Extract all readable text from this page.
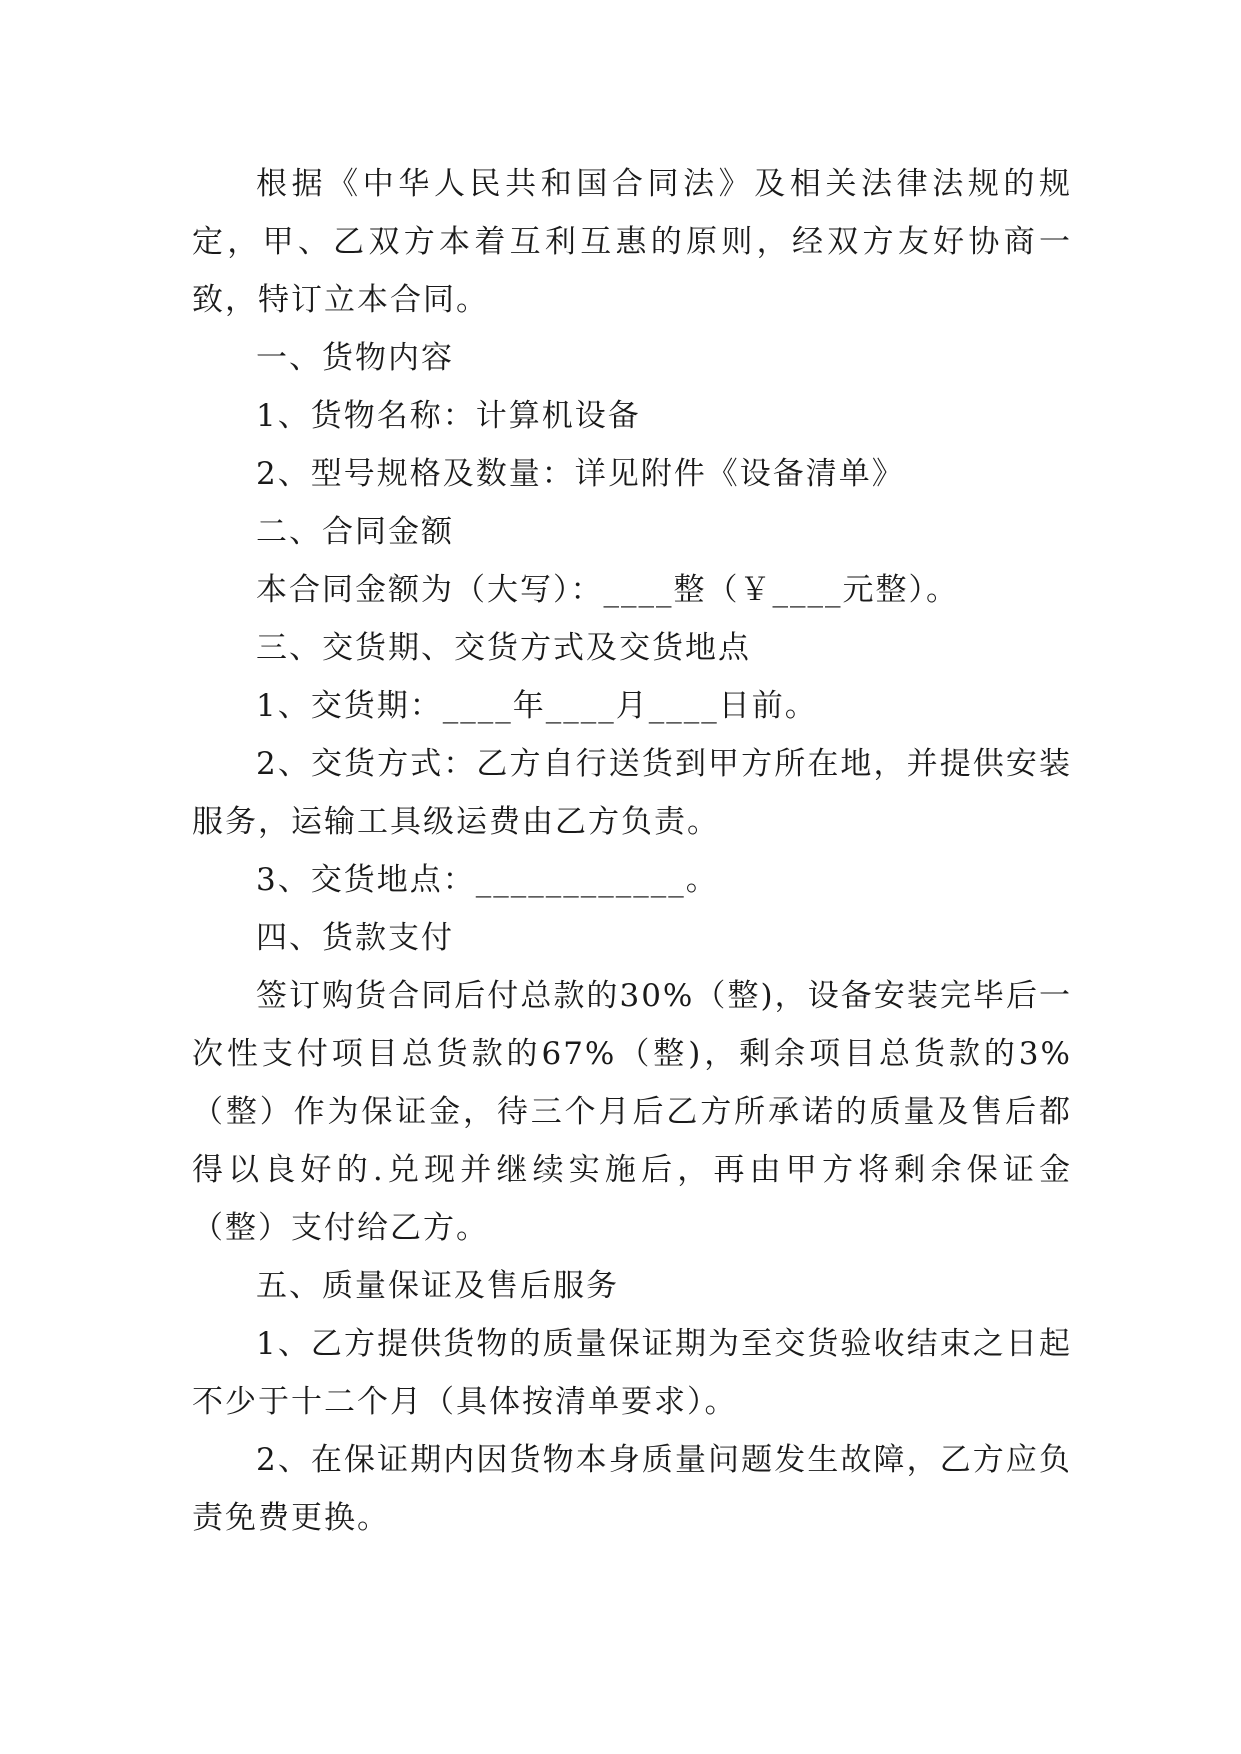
根据《中华人民共和国合同法》及相关法律法规的规定，甲、乙双方本着互利互惠的原则，经双方友好协商一致，特订立本合同。

一、货物内容

1、货物名称：计算机设备

2、型号规格及数量：详见附件《设备清单》

二、合同金额

本合同金额为（大写）：____整（￥____元整）。

三、交货期、交货方式及交货地点

1、交货期：____年____月____日前。

2、交货方式：乙方自行送货到甲方所在地，并提供安装服务，运输工具级运费由乙方负责。

3、交货地点：____________。

四、货款支付

签订购货合同后付总款的30%（整)，设备安装完毕后一次性支付项目总货款的67%（整)，剩余项目总货款的3%（整）作为保证金，待三个月后乙方所承诺的质量及售后都得以良好的.兑现并继续实施后，再由甲方将剩余保证金（整）支付给乙方。

五、质量保证及售后服务

1、乙方提供货物的质量保证期为至交货验收结束之日起不少于十二个月（具体按清单要求）。

2、在保证期内因货物本身质量问题发生故障，乙方应负责免费更换。
